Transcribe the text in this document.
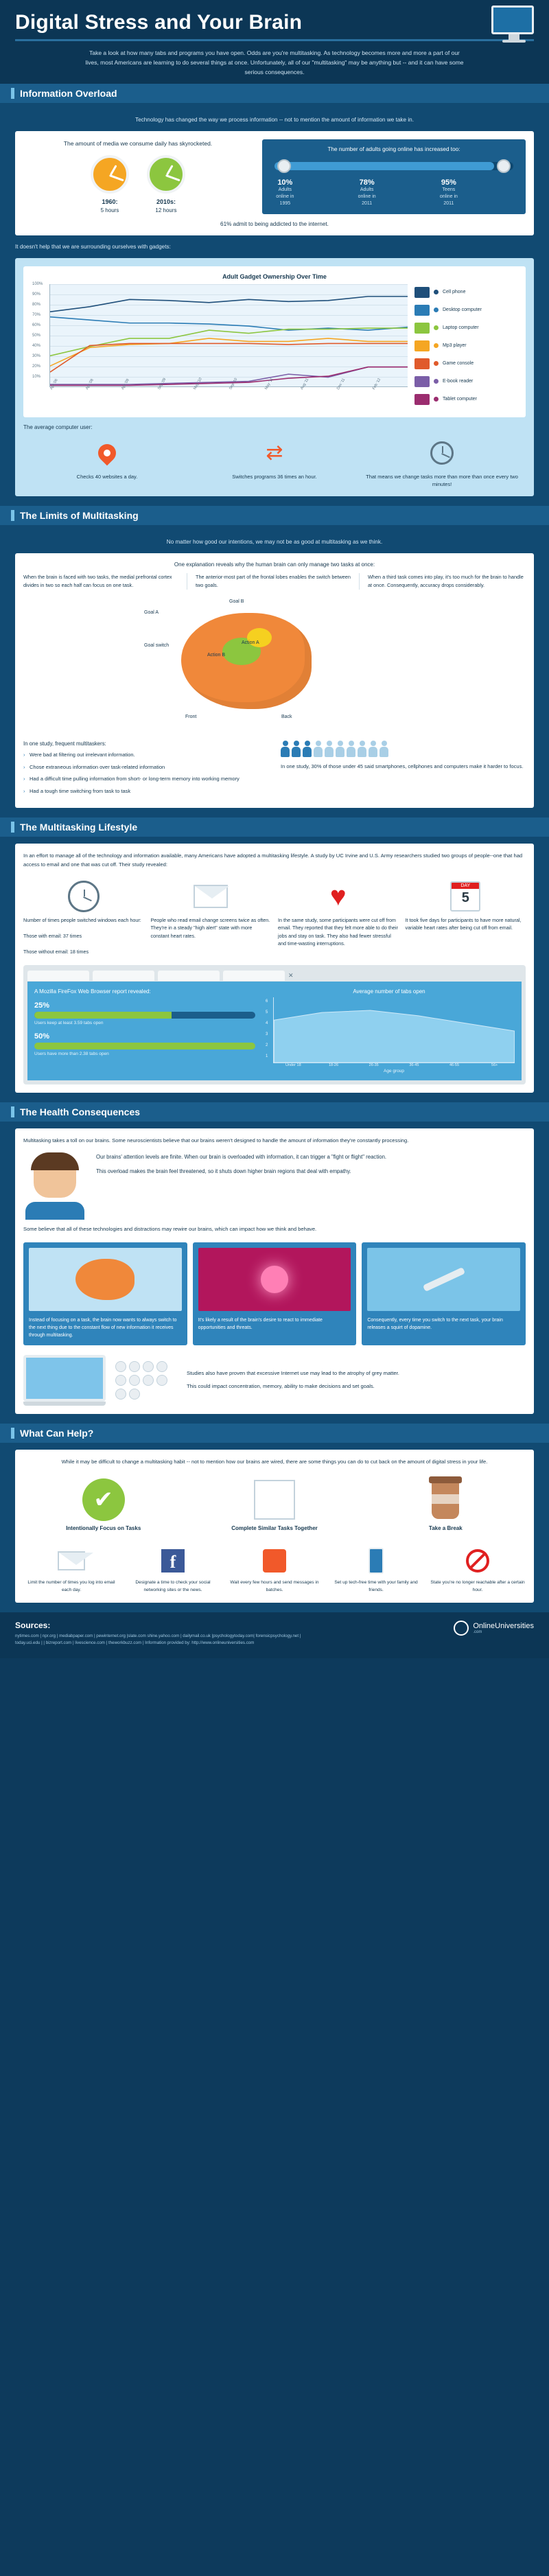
Digital Stress and Your Brain

Take a look at how many tabs and programs you have open. Odds are you're multitasking. As technology becomes more and more a part of our lives, most Americans are learning to do several things at once. Unfortunately, all of our "multitasking" may be anything but -- and it can have some serious consequences.

Information Overload
Technology has changed the way we process information -- not to mention the amount of information we take in.
The amount of media we consume daily has skyrocketed.
1960:
5 hours
2010s:
12 hours
The number of adults going online has increased too:
10%
Adults online in 1995
78%
Adults online in 2011
95%
Teens online in 2011
61% admit to being addicted to the internet.
It doesn't help that we are surrounding ourselves with gadgets:
Adult Gadget Ownership Over Time
100%
90%
80%
70%
60%
50%
40%
30%
20%
10%
Apr '06	Apr '08	Apr '09	Sep '09	May '10	Sep '10	May '11	Aug '11	Dec '11	Feb '12
Cell phone
Desktop computer
Laptop computer
Mp3 player
Game console
E-book reader
Tablet computer
The average computer user:
Checks 40 websites a day.
⇄
Switches programs 36 times an hour.	That means we change tasks more than more than once every two minutes!
The Limits of Multitasking
No matter how good our intentions, we may not be as good at multitasking as we think.
One explanation reveals why the human brain can only manage two tasks at once:
When the brain is faced with two tasks, the medial prefrontal cortex divides in two so each half can focus on one task.
The anterior-most part of the frontal lobes enables the switch between two goals.
When a third task comes into play, it's too much for the brain to handle at once. Consequently, accuracy drops considerably.
Goal A
Goal B
Goal switch
Action B
Action A
Front	Back
In one study, frequent multitaskers:
› Were bad at filtering out irrelevant information.
› Chose extraneous information over task-related information
› Had a difficult time pulling information from short- or long-term memory into working memory
› Had a tough time switching from task to task
In one study, 30% of those under 45 said smartphones, cellphones and computers make it harder to focus.
The Multitasking Lifestyle
In an effort to manage all of the technology and information available, many Americans have adopted a multitasking lifestyle. A study by UC Irvine and U.S. Army researchers studied two groups of people--one that had access to email and one that was cut off. Their study revealed:
Number of times people switched windows each hour:

Those with email: 37 times

Those without email: 18 times
People who read email change screens twice as often. They're in a steady "high alert" state with more constant heart rates.
♥
In the same study, some participants were cut off from email. They reported that they felt more able to do their jobs and stay on task. They also had fewer stressful and time-wasting interruptions.
DAY
5
It took five days for participants to have more natural, variable heart rates after being cut off from email.
✕
A Mozilla FireFox Web Browser report revealed:
25%
Users keep at least 3.59 tabs open
50%
Users have more than 2.38 tabs open
Average number of tabs open
6
5
4
3
2
1
Under 18	18-26	26-35	36-45	46-55	56+
Age group
The Health Consequences
Multitasking takes a toll on our brains. Some neuroscientists believe that our brains weren't designed to handle the amount of information they're constantly processing.

Our brains' attention levels are finite. When our brain is overloaded with information, it can trigger a "fight or flight" reaction.

This overload makes the brain feel threatened, so it shuts down higher brain regions that deal with empathy.

Some believe that all of these technologies and distractions may rewire our brains, which can impact how we think and behave.
Instead of focusing on a task, the brain now wants to always switch to the next thing due to the constant flow of new information it receives through multitasking.
It's likely a result of the brain's desire to react to immediate opportunities and threats.
Consequently, every time you switch to the next task, your brain releases a squirt of dopamine.

Studies also have proven that excessive Internet use may lead to the atrophy of grey matter.

This could impact concentration, memory, ability to make decisions and set goals.

What Can Help?
While it may be difficult to change a multitasking habit -- not to mention how our brains are wired, there are some things you can do to cut back on the amount of digital stress in your life.
✔
Intentionally Focus on Tasks	Complete Similar Tasks Together	Take a Break
Limit the number of times you log into email each day.
f
Designate a time to check your social networking sites or the news.
Wait every few hours and send messages in batches.
Set up tech-free time with your family and friends.
State you're no longer reachable after a certain hour.
Sources:
nytimes.com | npr.org | mediabpaper.com | pewinternet.org |slate.com shine.yahoo.com | dailymail.co.uk |psychologytoday.com| forensicpsychology.net | today.uci.edu | | bizreport.com | livescience.com | theworkbuzz.com | Information provided by: http://www.onlineuniversities.com
OnlineUniversities
.com
